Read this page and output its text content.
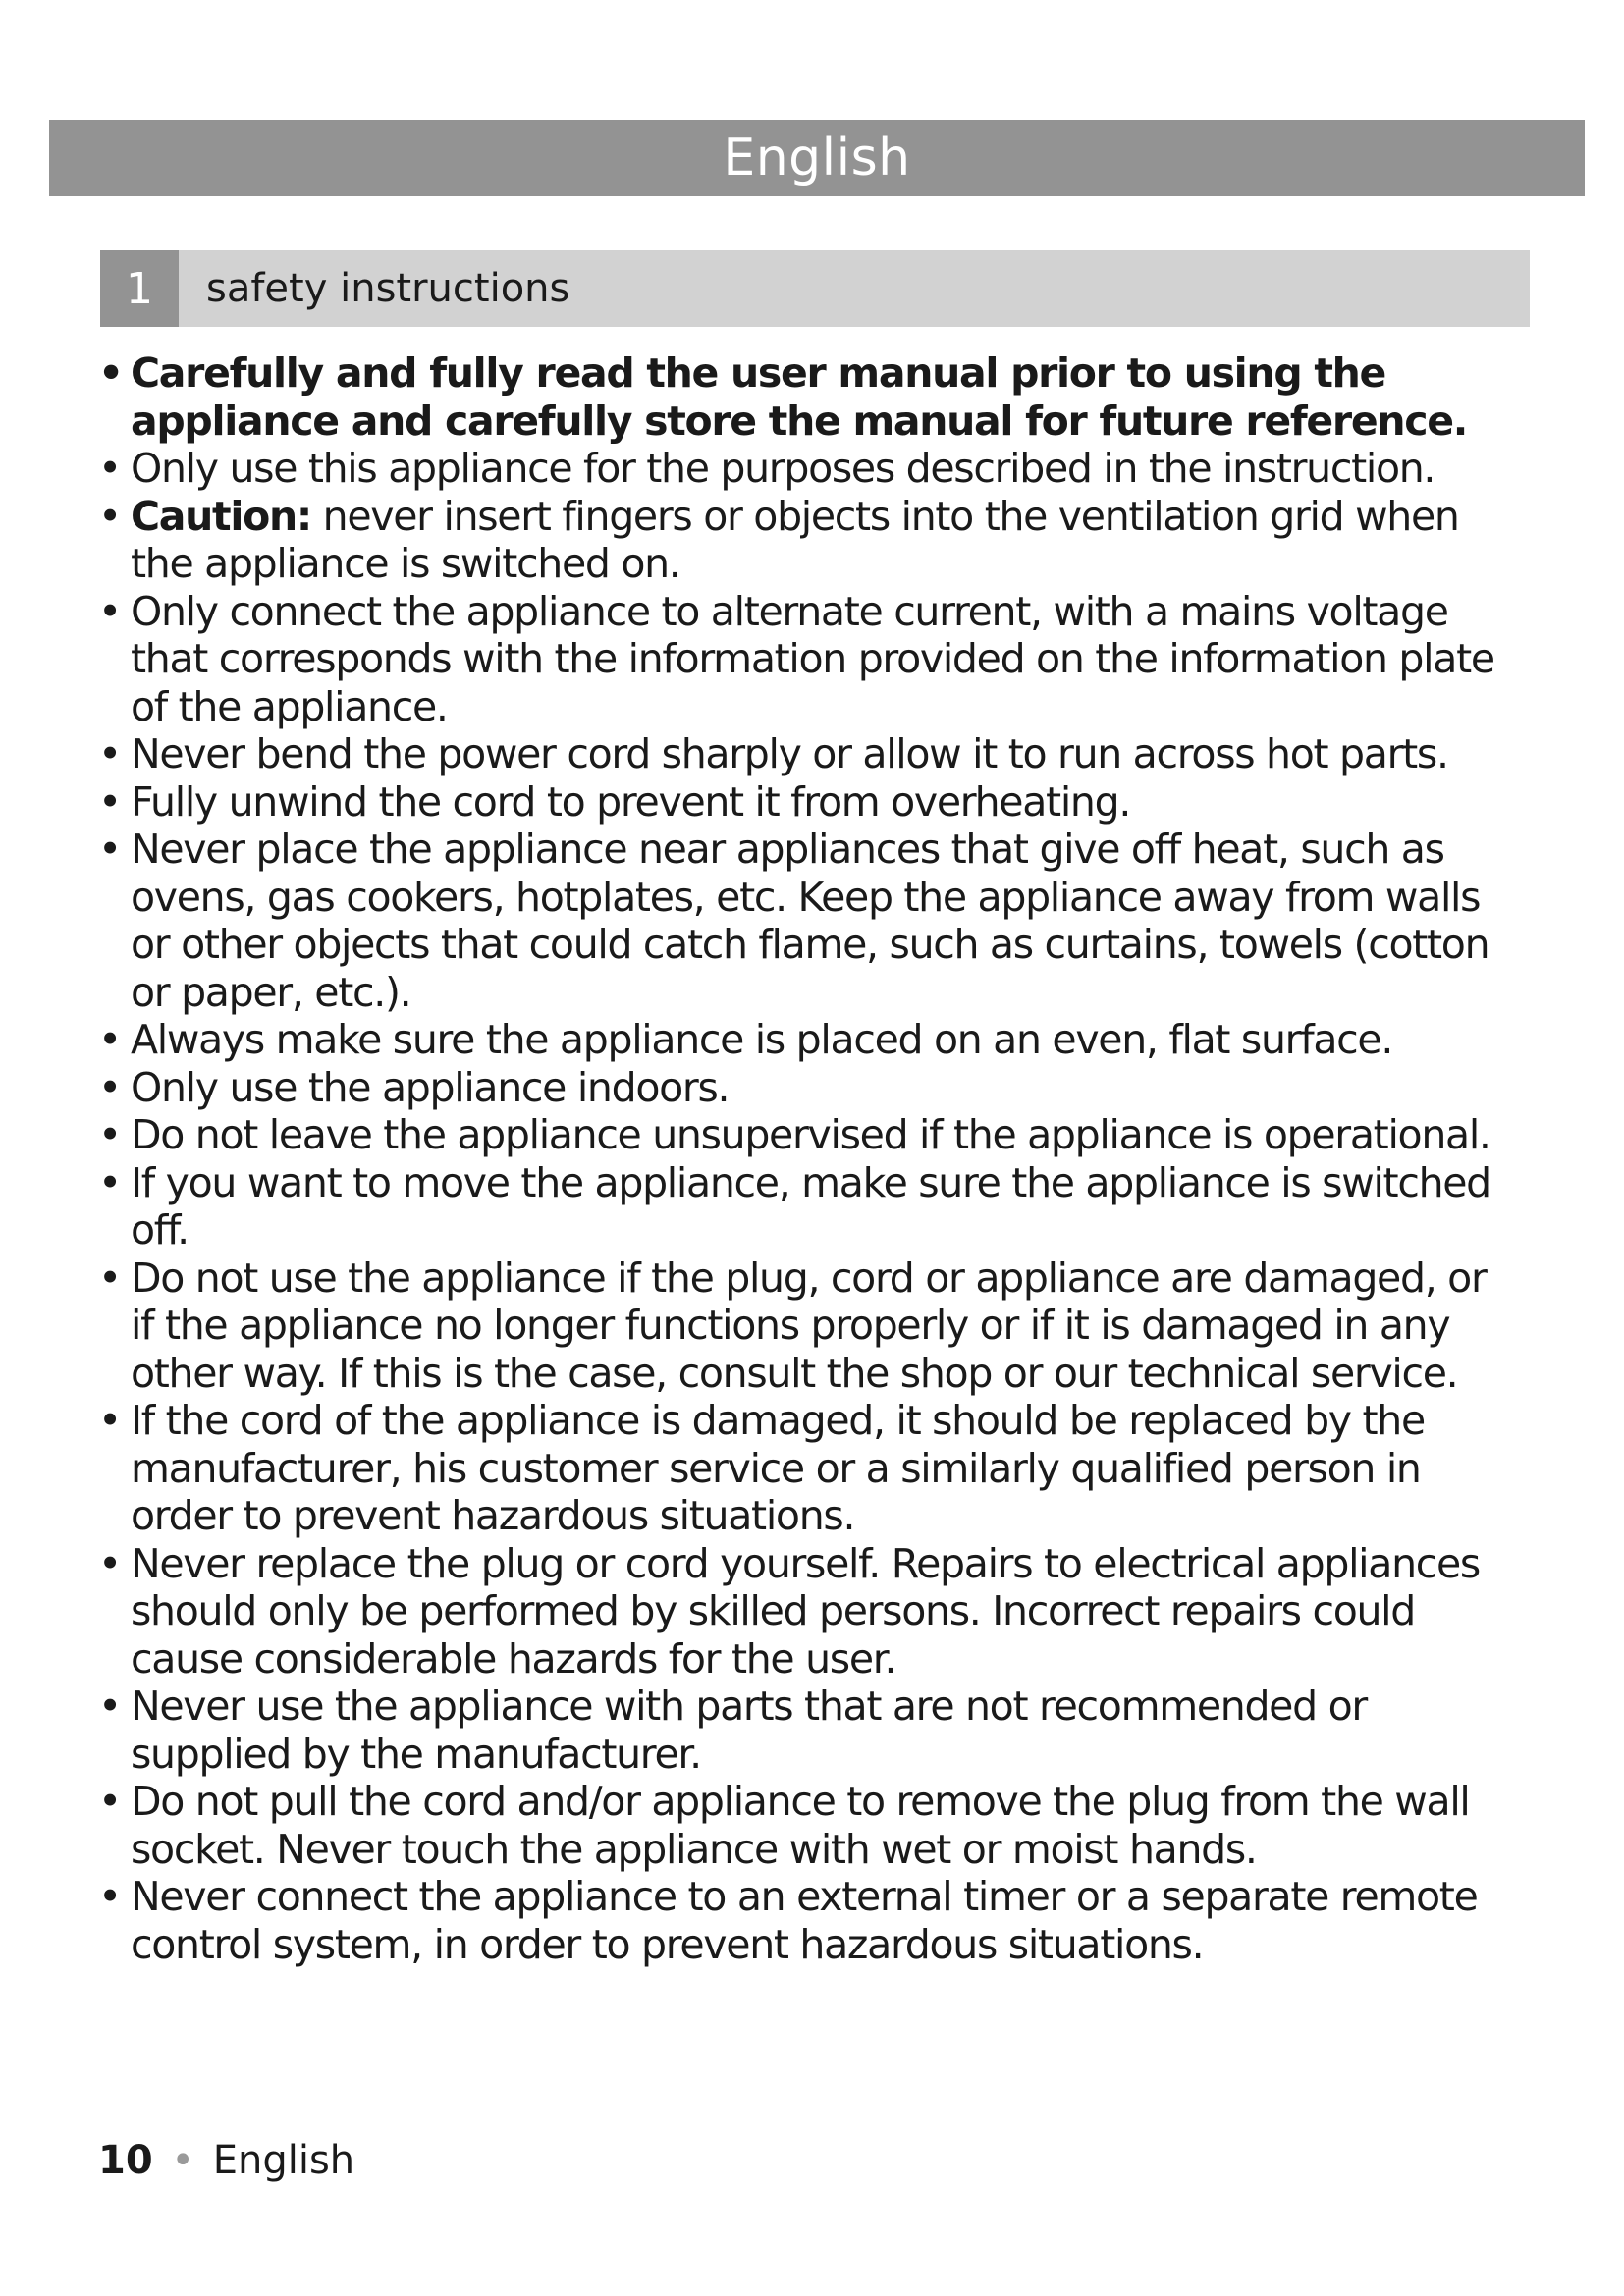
English
1	safety instructions
• Carefully and fully read the user manual prior to using the appliance and carefully store the manual for future reference.
• Only use this appliance for the purposes described in the instruction.
• Caution: never insert fingers or objects into the ventilation grid when the appliance is switched on.
• Only connect the appliance to alternate current, with a mains voltage that corresponds with the information provided on the information plate of the appliance.
• Never bend the power cord sharply or allow it to run across hot parts.
• Fully unwind the cord to prevent it from overheating.
• Never place the appliance near appliances that give off heat, such as ovens, gas cookers, hotplates, etc. Keep the appliance away from walls or other objects that could catch flame, such as curtains, towels (cotton or paper, etc.).
• Always make sure the appliance is placed on an even, flat surface.
• Only use the appliance indoors.
• Do not leave the appliance unsupervised if the appliance is operational.
• If you want to move the appliance, make sure the appliance is switched off.
• Do not use the appliance if the plug, cord or appliance are damaged, or if the appliance no longer functions properly or if it is damaged in any other way. If this is the case, consult the shop or our technical service.
• If the cord of the appliance is damaged, it should be replaced by the manufacturer, his customer service or a similarly qualified person in order to prevent hazardous situations.
• Never replace the plug or cord yourself. Repairs to electrical appliances should only be performed by skilled persons. Incorrect repairs could cause considerable hazards for the user.
• Never use the appliance with parts that are not recommended or supplied by the manufacturer.
• Do not pull the cord and/or appliance to remove the plug from the wall socket. Never touch the appliance with wet or moist hands.
• Never connect the appliance to an external timer or a separate remote control system, in order to prevent hazardous situations.
10 • English
